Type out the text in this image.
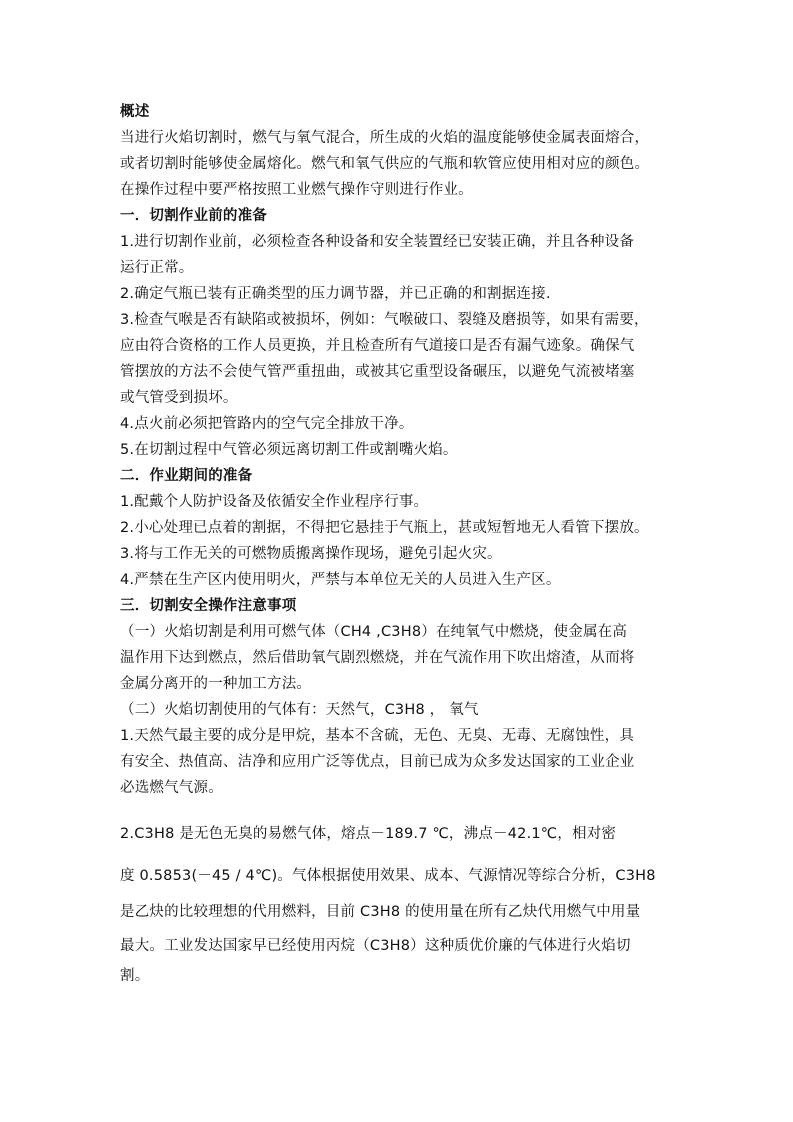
概述
当进行火焰切割时，燃气与氧气混合，所生成的火焰的温度能够使金属表面熔合，
或者切割时能够使金属熔化。燃气和氧气供应的气瓶和软管应使用相对应的颜色。
在操作过程中要严格按照工业燃气操作守则进行作业。
一．切割作业前的准备
1.进行切割作业前，必须检查各种设备和安全装置经已安装正确，并且各种设备
运行正常。
2.确定气瓶已装有正确类型的压力调节器，并已正确的和割据连接.
3.检查气喉是否有缺陷或被损坏，例如：气喉破口、裂缝及磨损等，如果有需要，
应由符合资格的工作人员更换，并且检查所有气道接口是否有漏气迹象。确保气
管摆放的方法不会使气管严重扭曲，或被其它重型设备碾压，以避免气流被堵塞
或气管受到损坏。
4.点火前必须把管路内的空气完全排放干净。
5.在切割过程中气管必须远离切割工件或割嘴火焰。
二．作业期间的准备
1.配戴个人防护设备及依循安全作业程序行事。
2.小心处理已点着的割据，不得把它悬挂于气瓶上，甚或短暂地无人看管下摆放。
3.将与工作无关的可燃物质搬离操作现场，避免引起火灾。
4.严禁在生产区内使用明火，严禁与本单位无关的人员进入生产区。
三．切割安全操作注意事项
（一）火焰切割是利用可燃气体（CH4 ,C3H8）在纯氧气中燃烧，使金属在高
温作用下达到燃点，然后借助氧气剧烈燃烧，并在气流作用下吹出熔渣，从而将
金属分离开的一种加工方法。
（二）火焰切割使用的气体有：天然气，C3H8 ， 氧气
1.天然气最主要的成分是甲烷，基本不含硫，无色、无臭、无毒、无腐蚀性，具
有安全、热值高、洁净和应用广泛等优点，目前已成为众多发达国家的工业企业
必选燃气气源。
2.C3H8 是无色无臭的易燃气体，熔点－189.7 ℃，沸点－42.1℃，相对密
度 0.5853(－45 / 4℃)。气体根据使用效果、成本、气源情况等综合分析，C3H8
是乙炔的比较理想的代用燃料，目前 C3H8 的使用量在所有乙炔代用燃气中用量
最大。工业发达国家早已经使用丙烷（C3H8）这种质优价廉的气体进行火焰切
割。
